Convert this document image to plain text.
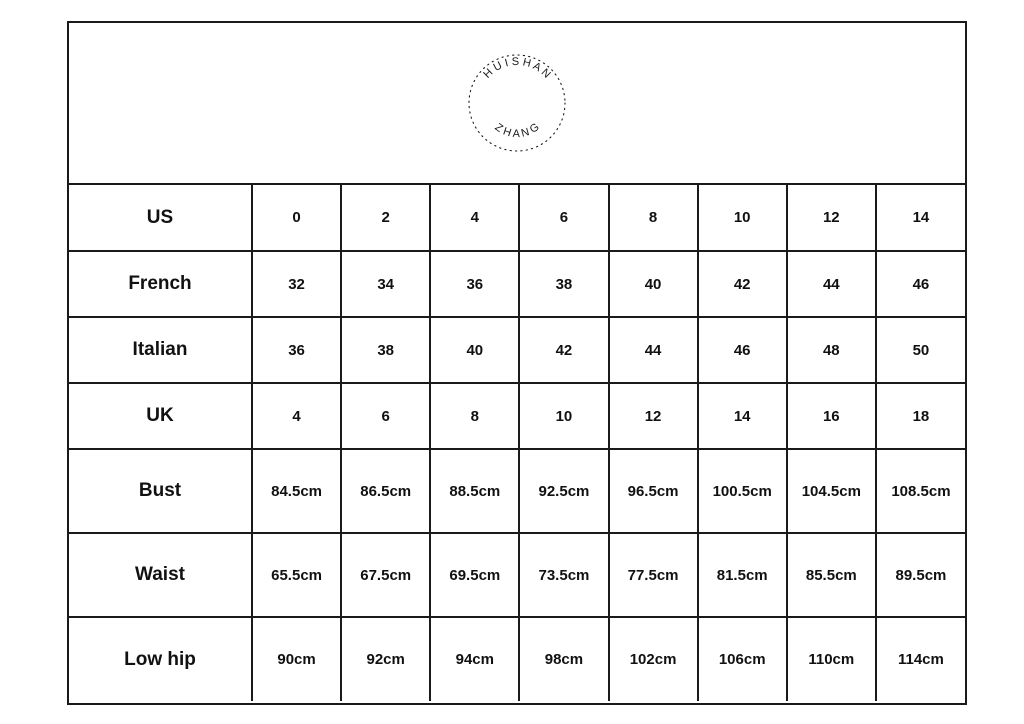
H U I S H A N
Z H A N G
US	0	2	4	6	8	10	12	14
French	32	34	36	38	40	42	44	46
Italian	36	38	40	42	44	46	48	50
UK	4	6	8	10	12	14	16	18
Bust	84.5cm	86.5cm	88.5cm	92.5cm	96.5cm	100.5cm	104.5cm	108.5cm
Waist	65.5cm	67.5cm	69.5cm	73.5cm	77.5cm	81.5cm	85.5cm	89.5cm
Low hip	90cm	92cm	94cm	98cm	102cm	106cm	110cm	114cm
